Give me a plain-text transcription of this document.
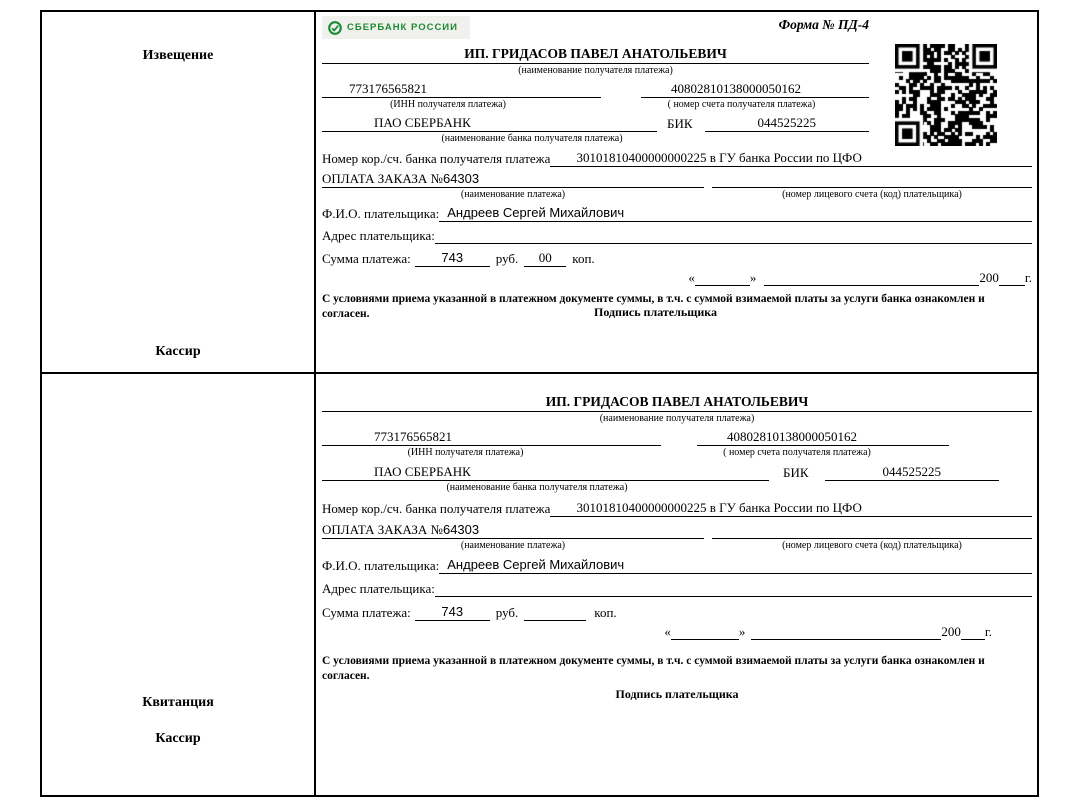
Извещение
Кассир
СБЕРБАНК РОССИИ	Форма № ПД-4
ИП. ГРИДАСОВ ПАВЕЛ АНАТОЛЬЕВИЧ
(наименование получателя платежа)
773176565821	40802810138000050162
(ИНН получателя платежа)	( номер счета получателя платежа)
ПАО СБЕРБАНК	БИК	044525225
(наименование банка получателя платежа)
Номер кор./сч. банка получателя платежа	30101810400000000225 в ГУ банка России по ЦФО
ОПЛАТА ЗАКАЗА №64303
(наименование платежа)	(номер лицевого счета (код) плательщика)
Ф.И.О. плательщика: Андреев Сергей Михайлович
Адрес плательщика:
Сумма платежа:	743	руб.	00	коп.
«	»	200 г.
С условиями приема указанной в платежном документе суммы, в т.ч. с суммой взимаемой платы за услуги банка ознакомлен и согласен.	Подпись плательщика
Квитанция
Кассир
ИП. ГРИДАСОВ ПАВЕЛ АНАТОЛЬЕВИЧ
(наименование получателя платежа)
773176565821	40802810138000050162
(ИНН получателя платежа)	( номер счета получателя платежа)
ПАО СБЕРБАНК	БИК	044525225
(наименование банка получателя платежа)
Номер кор./сч. банка получателя платежа	30101810400000000225 в ГУ банка России по ЦФО
ОПЛАТА ЗАКАЗА №64303
(наименование платежа)	(номер лицевого счета (код) плательщика)
Ф.И.О. плательщика: Андреев Сергей Михайлович
Адрес плательщика:
Сумма платежа:	743	руб.	коп.
«	»	200 г.
С условиями приема указанной в платежном документе суммы, в т.ч. с суммой взимаемой платы за услуги банка ознакомлен и согласен.
Подпись плательщика
